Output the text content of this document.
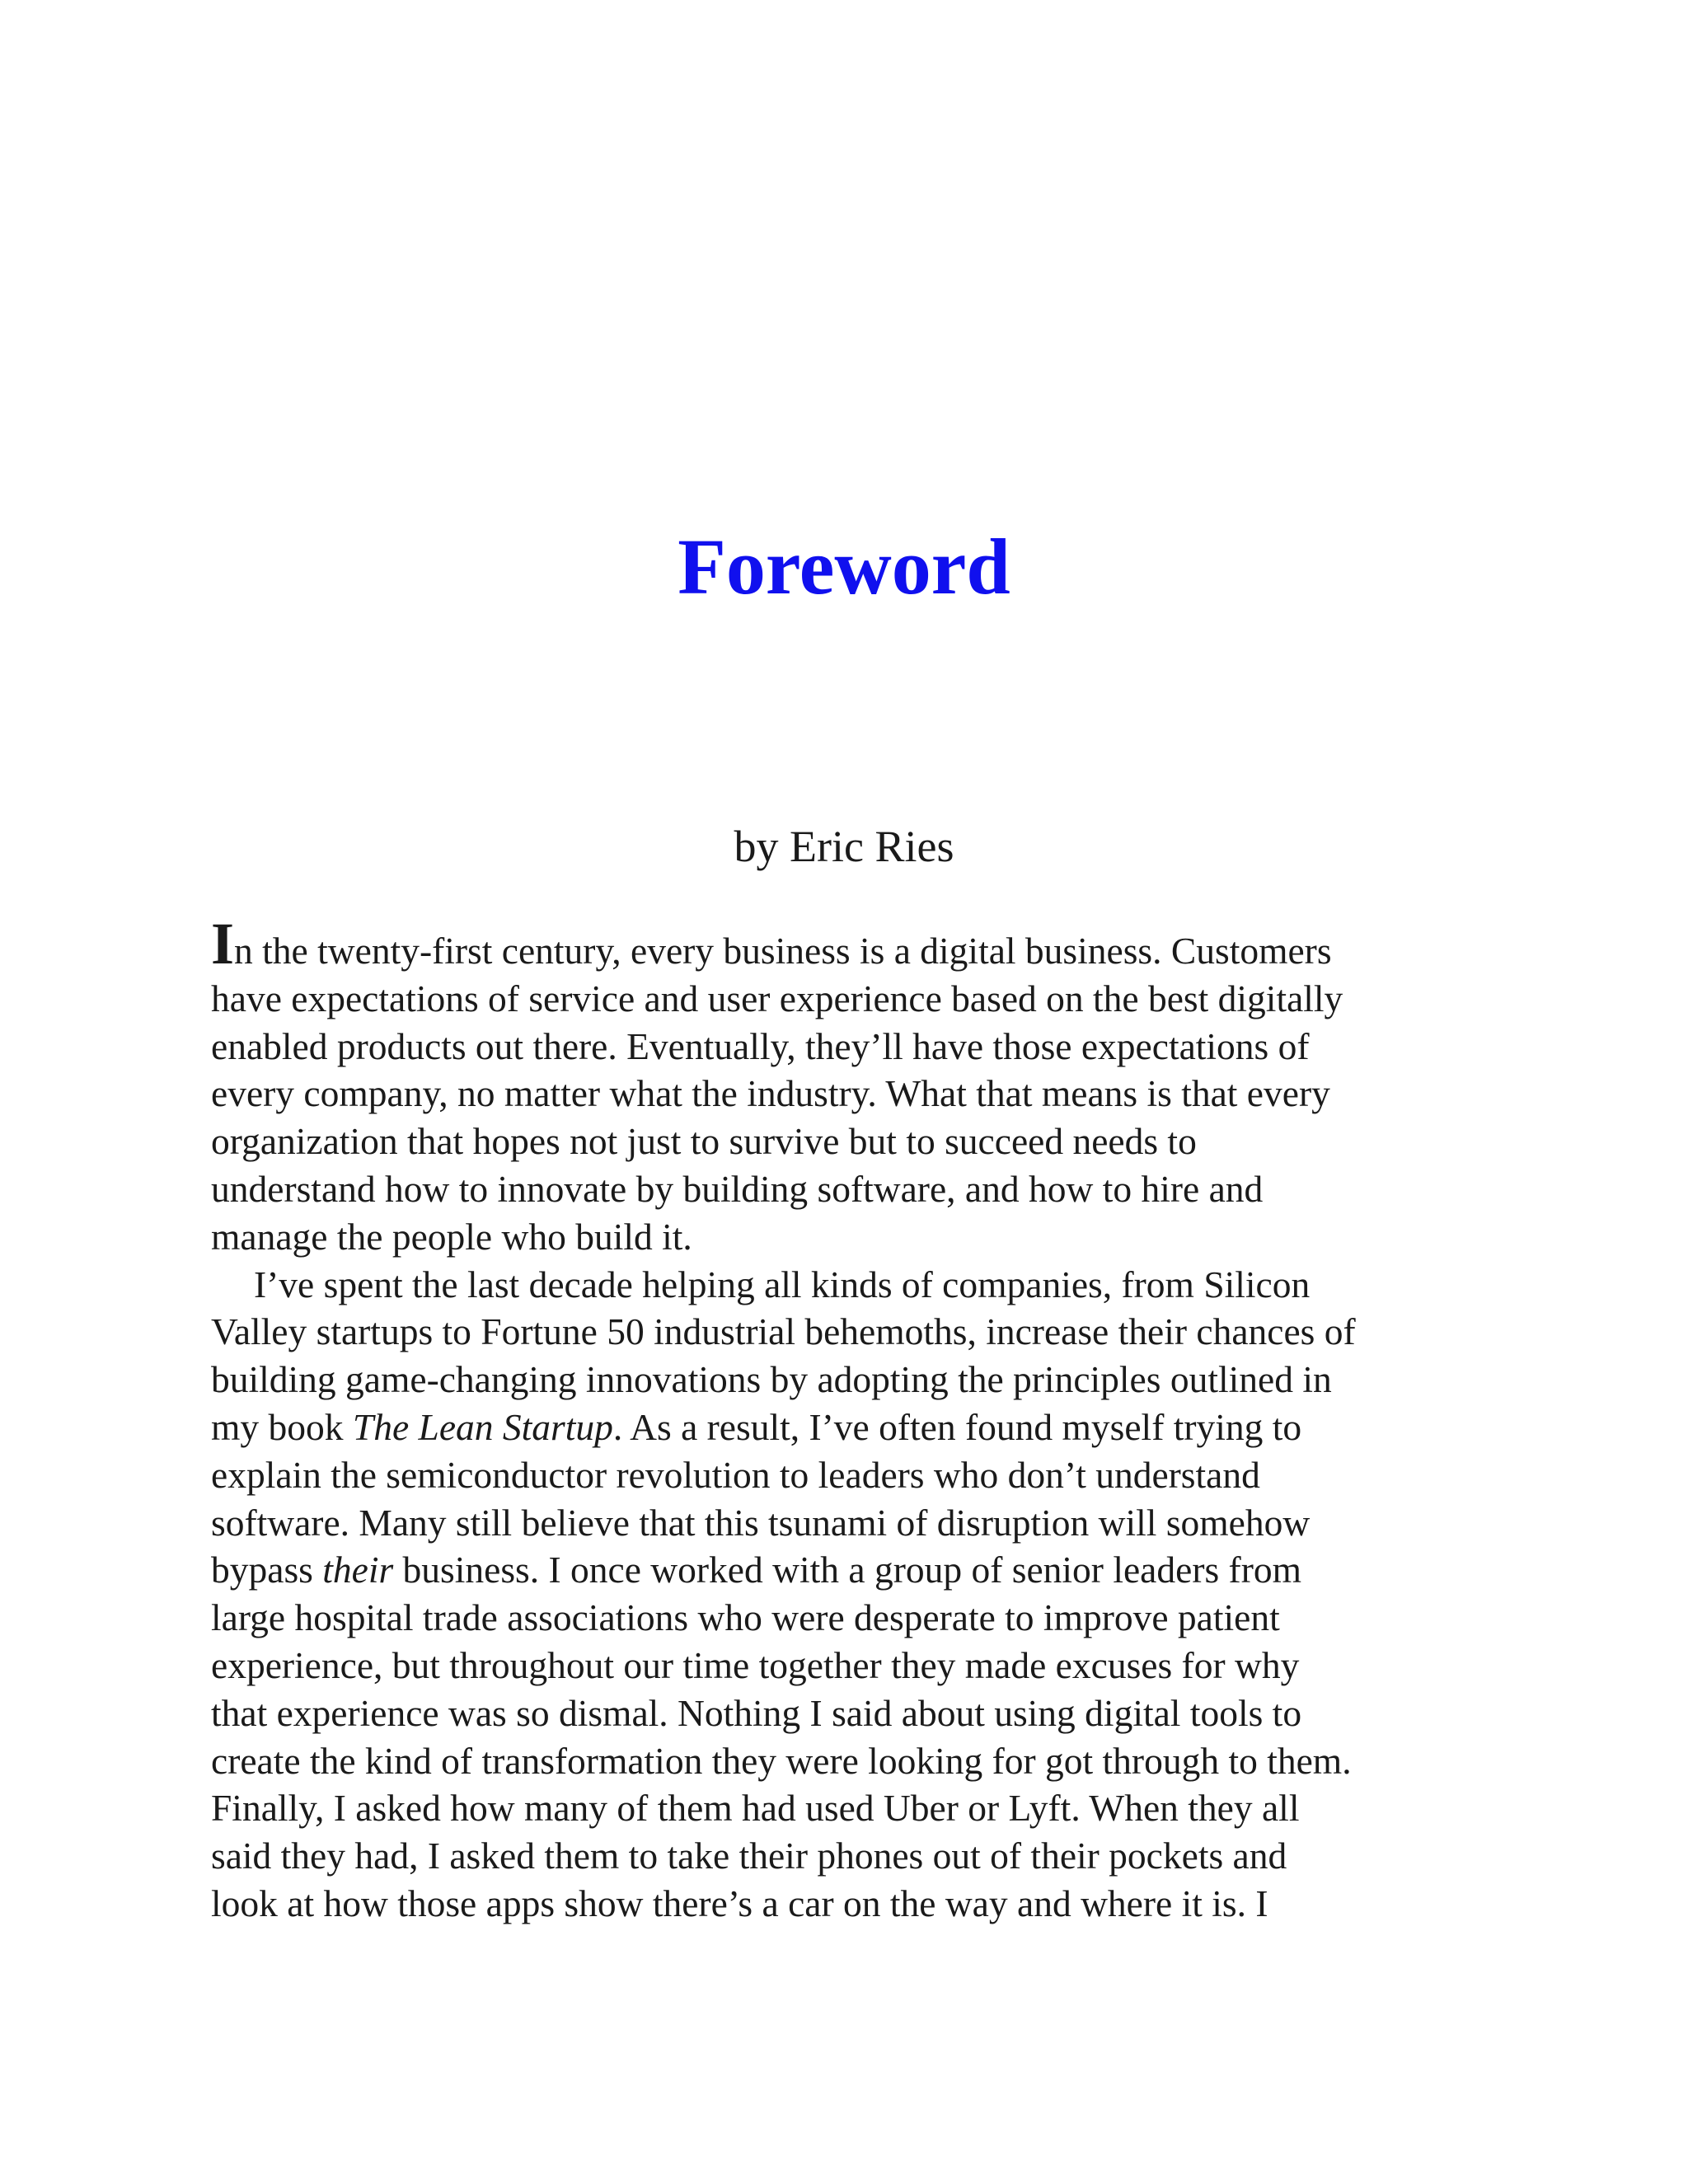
Foreword

by Eric Ries

In the twenty-first century, every business is a digital business. Customers
have expectations of service and user experience based on the best digitally
enabled products out there. Eventually, they’ll have those expectations of
every company, no matter what the industry. What that means is that every
organization that hopes not just to survive but to succeed needs to
understand how to innovate by building software, and how to hire and
manage the people who build it.

I’ve spent the last decade helping all kinds of companies, from Silicon
Valley startups to Fortune 50 industrial behemoths, increase their chances of
building game-changing innovations by adopting the principles outlined in
my book The Lean Startup. As a result, I’ve often found myself trying to
explain the semiconductor revolution to leaders who don’t understand
software. Many still believe that this tsunami of disruption will somehow
bypass their business. I once worked with a group of senior leaders from
large hospital trade associations who were desperate to improve patient
experience, but throughout our time together they made excuses for why
that experience was so dismal. Nothing I said about using digital tools to
create the kind of transformation they were looking for got through to them.
Finally, I asked how many of them had used Uber or Lyft. When they all
said they had, I asked them to take their phones out of their pockets and
look at how those apps show there’s a car on the way and where it is. I
